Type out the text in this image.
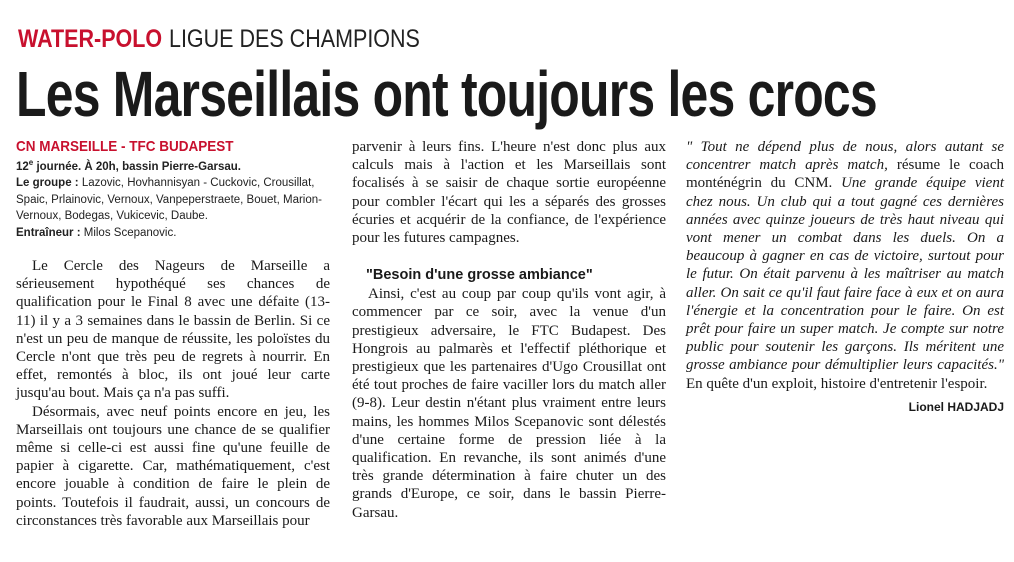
WATER-POLO LIGUE DES CHAMPIONS
Les Marseillais ont toujours les crocs
CN MARSEILLE - TFC BUDAPEST
12e journée. À 20h, bassin Pierre-Garsau.
Le groupe : Lazovic, Hovhannisyan - Cuckovic, Crousillat, Spaic, Prlainovic, Vernoux, Vanpeperstraete, Bouet, Marion-Vernoux, Bodegas, Vukicevic, Daube.
Entraîneur : Milos Scepanovic.

Le Cercle des Nageurs de Marseille a sérieusement hypothéqué ses chances de qualification pour le Final 8 avec une défaite (13-11) il y a 3 semaines dans le bassin de Berlin. Si ce n'est un peu de manque de réussite, les poloïstes du Cercle n'ont que très peu de regrets à nourrir. En effet, remontés à bloc, ils ont joué leur carte jusqu'au bout. Mais ça n'a pas suffi.

Désormais, avec neuf points encore en jeu, les Marseillais ont toujours une chance de se qualifier même si celle-ci est aussi fine qu'une feuille de papier à cigarette. Car, mathématiquement, c'est encore jouable à condition de faire le plein de points. Toutefois il faudrait, aussi, un concours de circonstances très favorable aux Marseillais pour

parvenir à leurs fins. L'heure n'est donc plus aux calculs mais à l'action et les Marseillais sont focalisés à se saisir de chaque sortie européenne pour combler l'écart qui les a séparés des grosses écuries et acquérir de la confiance, de l'expérience pour les futures campagnes.

"Besoin d'une grosse ambiance"

Ainsi, c'est au coup par coup qu'ils vont agir, à commencer par ce soir, avec la venue d'un prestigieux adversaire, le FTC Budapest. Des Hongrois au palmarès et l'effectif pléthorique et prestigieux que les partenaires d'Ugo Crousillat ont été tout proches de faire vaciller lors du match aller (9-8). Leur destin n'étant plus vraiment entre leurs mains, les hommes Milos Scepanovic sont délestés d'une certaine forme de pression liée à la qualification. En revanche, ils sont animés d'une très grande détermination à faire chuter un des grands d'Europe, ce soir, dans le bassin Pierre-Garsau.

" Tout ne dépend plus de nous, alors autant se concentrer match après match, résume le coach monténégrin du CNM. Une grande équipe vient chez nous. Un club qui a tout gagné ces dernières années avec quinze joueurs de très haut niveau qui vont mener un combat dans les duels. On a beaucoup à gagner en cas de victoire, surtout pour le futur. On était parvenu à les maîtriser au match aller. On sait ce qu'il faut faire face à eux et on aura l'énergie et la concentration pour le faire. On est prêt pour faire un super match. Je compte sur notre public pour soutenir les garçons. Ils méritent une grosse ambiance pour démultiplier leurs capacités." En quête d'un exploit, histoire d'entretenir l'espoir.

Lionel HADJADJ
